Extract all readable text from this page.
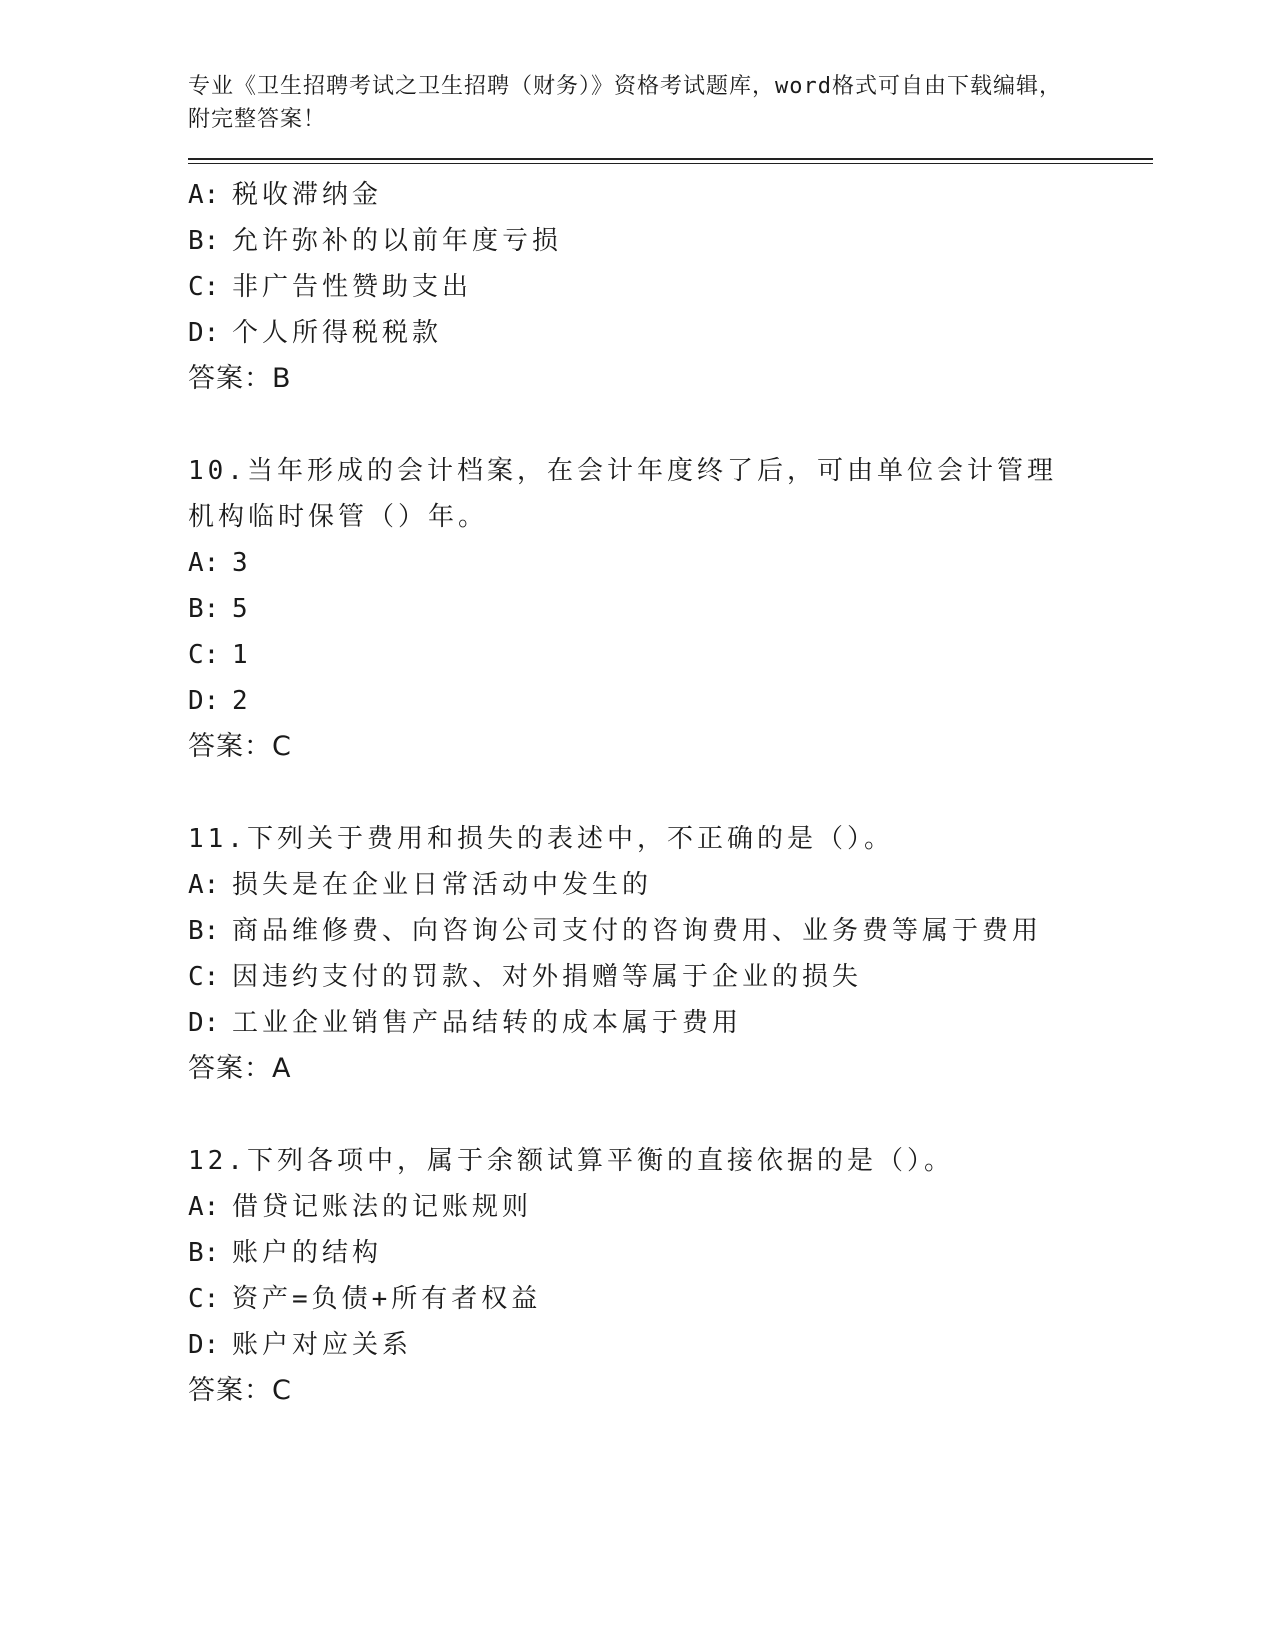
专业《卫生招聘考试之卫生招聘（财务）》资格考试题库，word格式可自由下载编辑，附完整答案！
A: 税收滞纳金
B: 允许弥补的以前年度亏损
C: 非广告性赞助支出
D: 个人所得税税款
答案：B
10.当年形成的会计档案，在会计年度终了后，可由单位会计管理机构临时保管（）年。
A: 3
B: 5
C: 1
D: 2
答案：C
11.下列关于费用和损失的表述中，不正确的是（）。
A: 损失是在企业日常活动中发生的
B: 商品维修费、向咨询公司支付的咨询费用、业务费等属于费用
C: 因违约支付的罚款、对外捐赠等属于企业的损失
D: 工业企业销售产品结转的成本属于费用
答案：A
12.下列各项中，属于余额试算平衡的直接依据的是（）。
A: 借贷记账法的记账规则
B: 账户的结构
C: 资产=负债+所有者权益
D: 账户对应关系
答案：C
